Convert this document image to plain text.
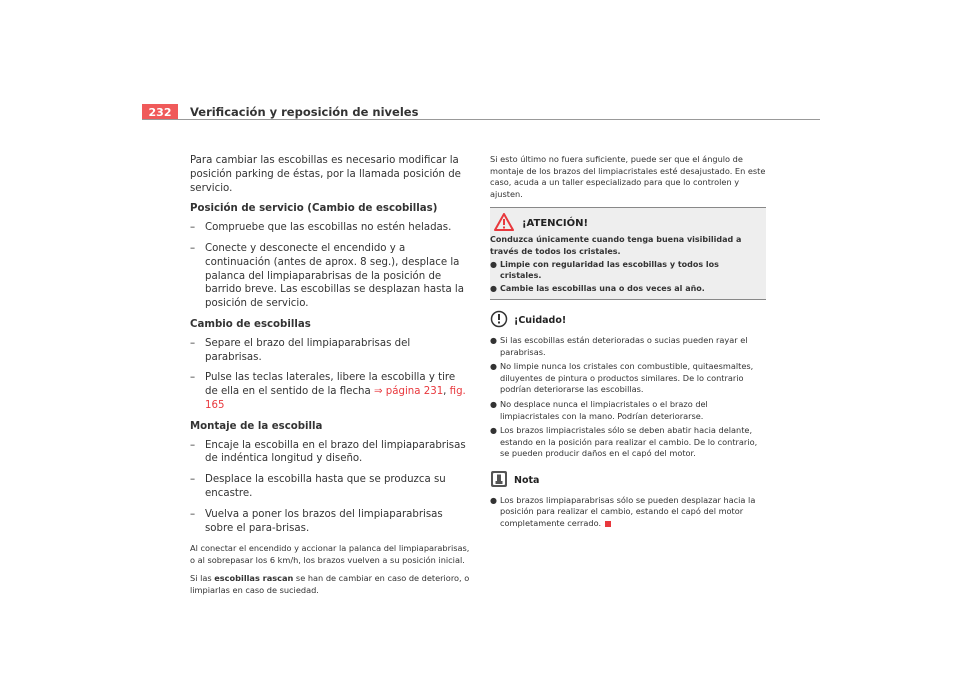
232	Verificación y reposición de niveles

Para cambiar las escobillas es necesario modificar la posición parking de éstas, por la llamada posición de servicio.

Posición de servicio (Cambio de escobillas)
– Compruebe que las escobillas no estén heladas.
– Conecte y desconecte el encendido y a continuación (antes de aprox. 8 seg.), desplace la palanca del limpiaparabrisas de la posición de barrido breve. Las escobillas se desplazan hasta la posición de servicio.
Cambio de escobillas
– Separe el brazo del limpiaparabrisas del parabrisas.
– Pulse las teclas laterales, libere la escobilla y tire de ella en el sentido de la flecha ⇒ página 231, fig. 165
Montaje de la escobilla
– Encaje la escobilla en el brazo del limpiaparabrisas de indéntica longitud y diseño.
– Desplace la escobilla hasta que se produzca su encastre.
– Vuelva a poner los brazos del limpiaparabrisas sobre el para-brisas.

Al conectar el encendido y accionar la palanca del limpiaparabrisas, o al sobrepasar los 6 km/h, los brazos vuelven a su posición inicial.

Si las escobillas rascan se han de cambiar en caso de deterioro, o limpiarlas en caso de suciedad.

Si esto último no fuera suficiente, puede ser que el ángulo de montaje de los brazos del limpiacristales esté desajustado. En este caso, acuda a un taller especializado para que lo controlen y ajusten.

¡ATENCIÓN!
Conduzca únicamente cuando tenga buena visibilidad a través de todos los cristales.
● Limpie con regularidad las escobillas y todos los cristales.
● Cambie las escobillas una o dos veces al año.
¡Cuidado!
● Si las escobillas están deterioradas o sucias pueden rayar el parabrisas.
● No limpie nunca los cristales con combustible, quitaesmaltes, diluyentes de pintura o productos similares. De lo contrario podrían deteriorarse las escobillas.
● No desplace nunca el limpiacristales o el brazo del limpiacristales con la mano. Podrían deteriorarse.
● Los brazos limpiacristales sólo se deben abatir hacia delante, estando en la posición para realizar el cambio. De lo contrario, se pueden producir daños en el capó del motor.
Nota
● Los brazos limpiaparabrisas sólo se pueden desplazar hacia la posición para realizar el cambio, estando el capó del motor completamente cerrado.
